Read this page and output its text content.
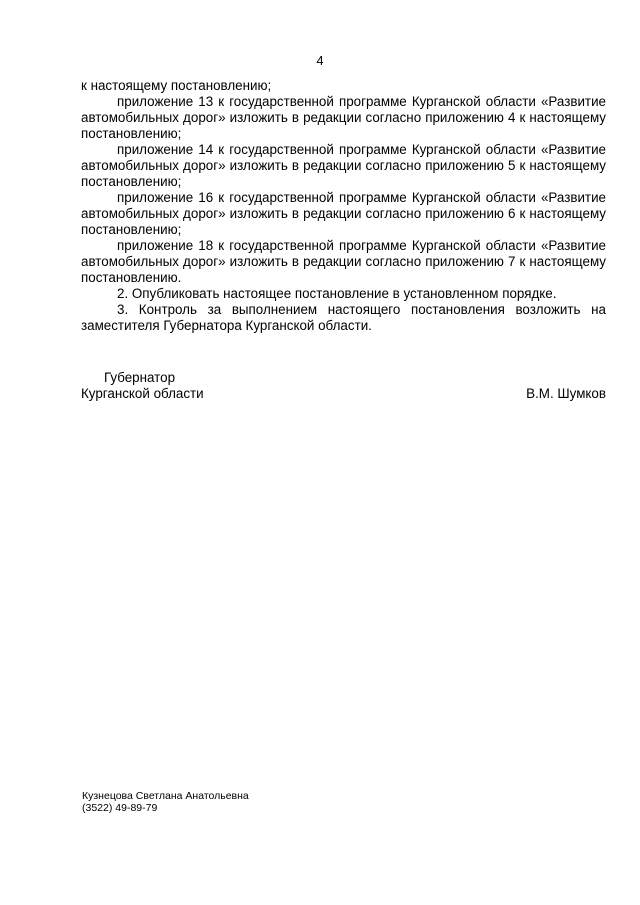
4

к настоящему постановлению;

приложение 13 к государственной программе Курганской области «Развитие автомобильных дорог» изложить в редакции согласно приложению 4 к настоящему постановлению;

приложение 14 к государственной программе Курганской области «Развитие автомобильных дорог» изложить в редакции согласно приложению 5 к настоящему постановлению;

приложение 16 к государственной программе Курганской области «Развитие автомобильных дорог» изложить в редакции согласно приложению 6 к настоящему постановлению;

приложение 18 к государственной программе Курганской области «Развитие автомобильных дорог» изложить в редакции согласно приложению 7 к настоящему постановлению.

2. Опубликовать настоящее постановление в установленном порядке.

3. Контроль за выполнением настоящего постановления возложить на заместителя Губернатора Курганской области.

Губернатор
Курганской области	В.М. Шумков
Кузнецова Светлана Анатольевна
(3522) 49-89-79
